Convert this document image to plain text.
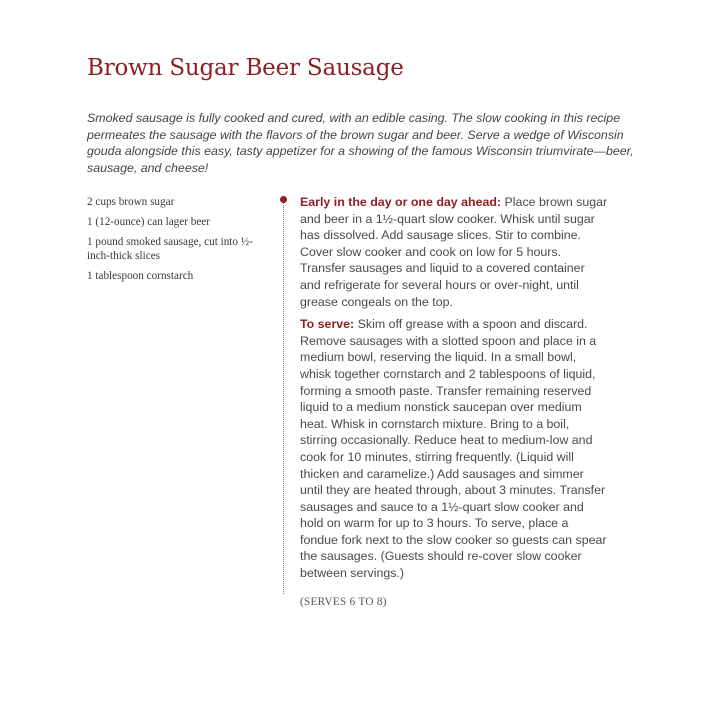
Brown Sugar Beer Sausage

Smoked sausage is fully cooked and cured, with an edible casing. The slow cooking in this recipe permeates the sausage with the flavors of the brown sugar and beer. Serve a wedge of Wisconsin gouda alongside this easy, tasty appetizer for a showing of the famous Wisconsin triumvirate—beer, sausage, and cheese!

2 cups brown sugar
1 (12-ounce) can lager beer
1 pound smoked sausage, cut into ½-inch-thick slices
1 tablespoon cornstarch

Early in the day or one day ahead: Place brown sugar and beer in a 1½-quart slow cooker. Whisk until sugar has dissolved. Add sausage slices. Stir to combine. Cover slow cooker and cook on low for 5 hours. Transfer sausages and liquid to a covered container and refrigerate for several hours or over-night, until grease congeals on the top.

To serve: Skim off grease with a spoon and discard. Remove sausages with a slotted spoon and place in a medium bowl, reserving the liquid. In a small bowl, whisk together cornstarch and 2 tablespoons of liquid, forming a smooth paste. Transfer remaining reserved liquid to a medium nonstick saucepan over medium heat. Whisk in cornstarch mixture. Bring to a boil, stirring occasionally. Reduce heat to medium-low and cook for 10 minutes, stirring frequently. (Liquid will thicken and caramelize.) Add sausages and simmer until they are heated through, about 3 minutes. Transfer sausages and sauce to a 1½-quart slow cooker and hold on warm for up to 3 hours. To serve, place a fondue fork next to the slow cooker so guests can spear the sausages. (Guests should re-cover slow cooker between servings.)

(SERVES 6 TO 8)
